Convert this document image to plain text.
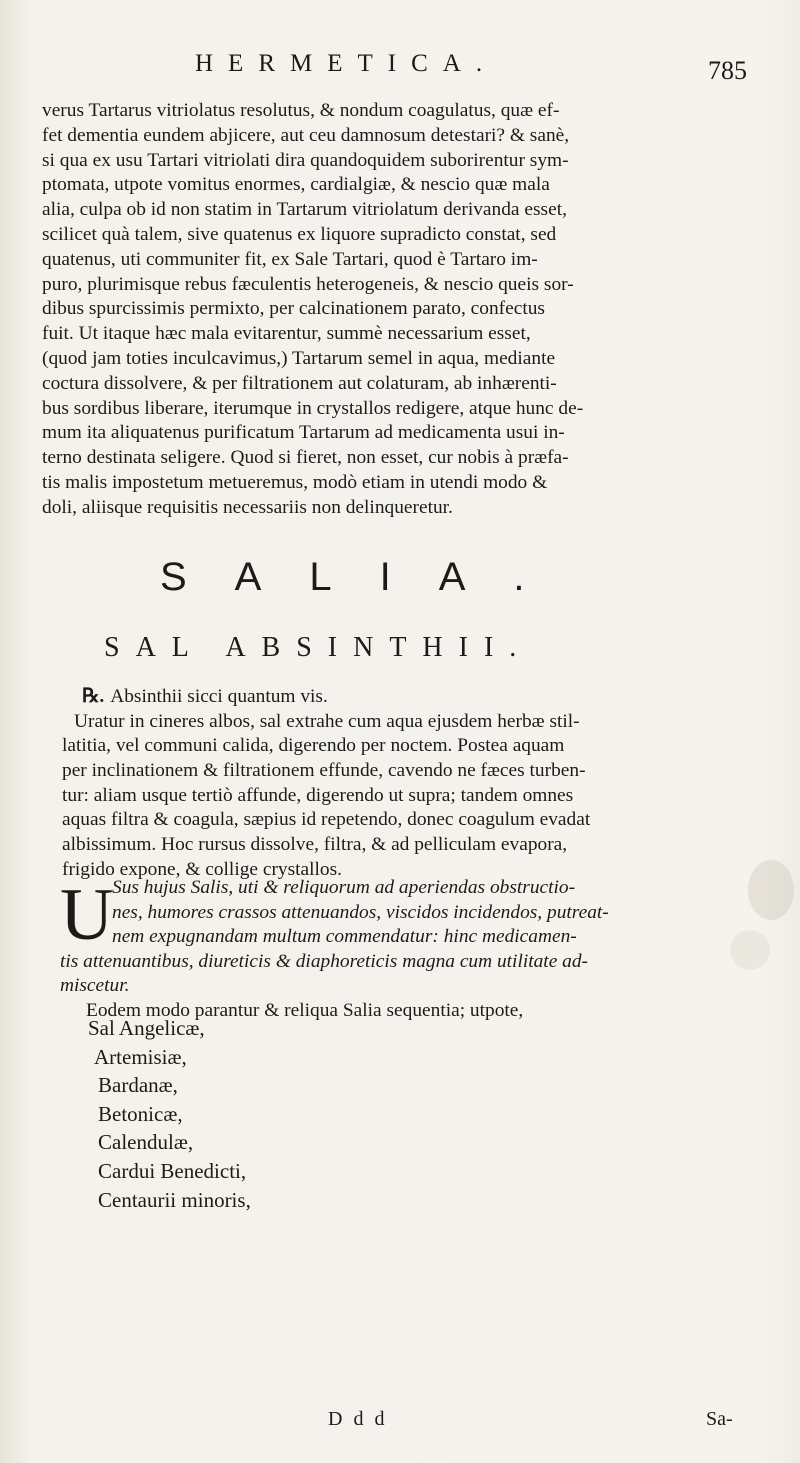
HERMETICA.	785
verus Tartarus vitriolatus resolutus, & nondum coagulatus, quæ ef-
fet dementia eundem abjicere, aut ceu damnosum detestari? & sanè,
si qua ex usu Tartari vitriolati dira quandoquidem suborirentur sym-
ptomata, utpote vomitus enormes, cardialgiæ, & nescio quæ mala
alia, culpa ob id non statim in Tartarum vitriolatum derivanda esset,
scilicet quà talem, sive quatenus ex liquore supradicto constat, sed
quatenus, uti communiter fit, ex Sale Tartari, quod è Tartaro im-
puro, plurimisque rebus fæculentis heterogeneis, & nescio queis sor-
dibus spurcissimis permixto, per calcinationem parato, confectus
fuit. Ut itaque hæc mala evitarentur, summè necessarium esset,
(quod jam toties inculcavimus,) Tartarum semel in aqua, mediante
coctura dissolvere, & per filtrationem aut colaturam, ab inhærenti-
bus sordibus liberare, iterumque in crystallos redigere, atque hunc de-
mum ita aliquatenus purificatum Tartarum ad medicamenta usui in-
terno destinata seligere. Quod si fieret, non esset, cur nobis à præfa-
tis malis impostetum metueremus, modò etiam in utendi modo &
doli, aliisque requisitis necessariis non delinqueretur.
SALIA.
SAL ABSINTHII.
℞. Absinthii sicci quantum vis.
Uratur in cineres albos, sal extrahe cum aqua ejusdem herbæ stil-
latitia, vel communi calida, digerendo per noctem. Postea aquam
per inclinationem & filtrationem effunde, cavendo ne fæces turben-
tur: aliam usque tertiò affunde, digerendo ut supra; tandem omnes
aquas filtra & coagula, sæpius id repetendo, donec coagulum evadat
albissimum. Hoc rursus dissolve, filtra, & ad pelliculam evapora,
frigido expone, & collige crystallos.
U
Sus hujus Salis, uti & reliquorum ad aperiendas obstructio-
nes, humores crassos attenuandos, viscidos incidendos, putreat-
nem expugnandam multum commendatur: hinc medicamen-
tis attenuantibus, diureticis & diaphoreticis magna cum utilitate ad-
miscetur.
Eodem modo parantur & reliqua Salia sequentia; utpote,
Sal Angelicæ,
Artemisiæ,
Bardanæ,
Betonicæ,
Calendulæ,
Cardui Benedicti,
Centaurii minoris,
D d d	Sa-
